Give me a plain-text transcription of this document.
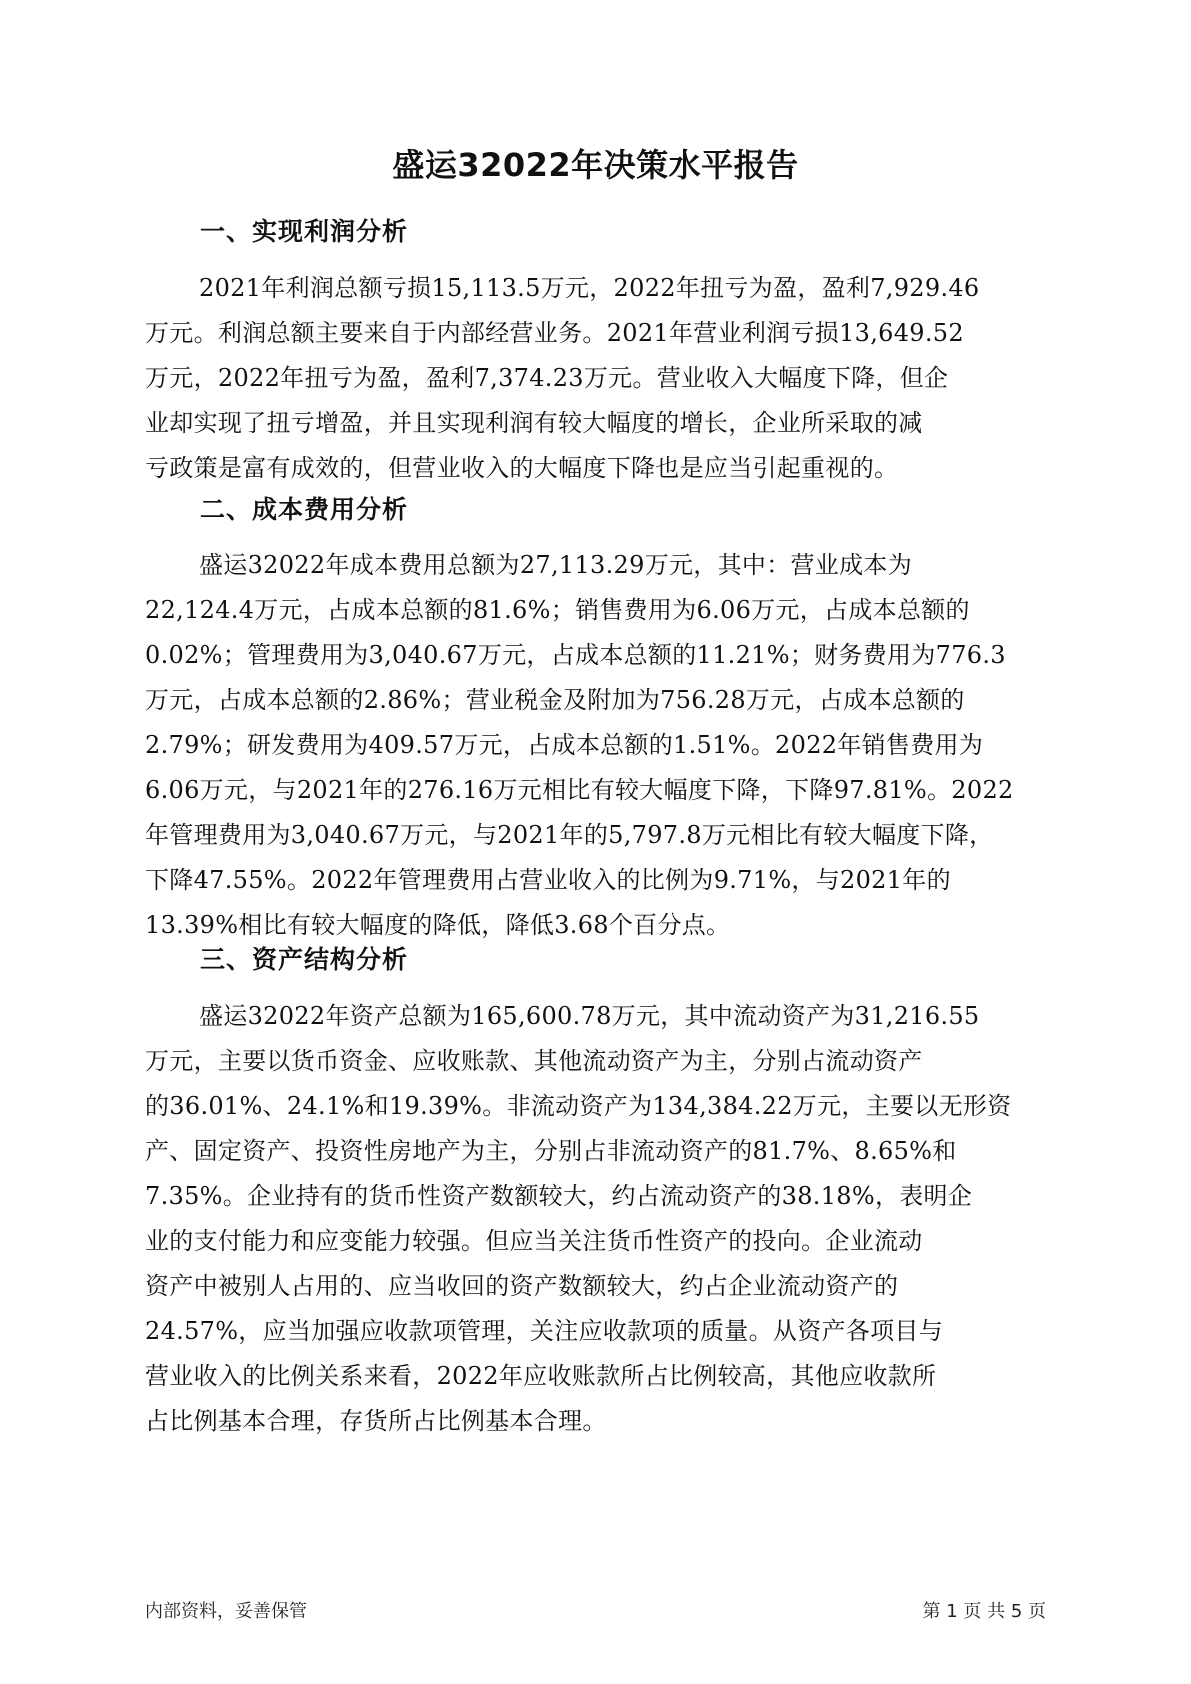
盛运32022年决策水平报告
一、实现利润分析
2021年利润总额亏损15,113.5万元，2022年扭亏为盈，盈利7,929.46
万元。利润总额主要来自于内部经营业务。2021年营业利润亏损13,649.52
万元，2022年扭亏为盈，盈利7,374.23万元。营业收入大幅度下降，但企
业却实现了扭亏增盈，并且实现利润有较大幅度的增长，企业所采取的减
亏政策是富有成效的，但营业收入的大幅度下降也是应当引起重视的。
二、成本费用分析
盛运32022年成本费用总额为27,113.29万元，其中：营业成本为
22,124.4万元，占成本总额的81.6%；销售费用为6.06万元，占成本总额的
0.02%；管理费用为3,040.67万元，占成本总额的11.21%；财务费用为776.3
万元，占成本总额的2.86%；营业税金及附加为756.28万元，占成本总额的
2.79%；研发费用为409.57万元，占成本总额的1.51%。2022年销售费用为
6.06万元，与2021年的276.16万元相比有较大幅度下降，下降97.81%。2022
年管理费用为3,040.67万元，与2021年的5,797.8万元相比有较大幅度下降，
下降47.55%。2022年管理费用占营业收入的比例为9.71%，与2021年的
13.39%相比有较大幅度的降低，降低3.68个百分点。
三、资产结构分析
盛运32022年资产总额为165,600.78万元，其中流动资产为31,216.55
万元，主要以货币资金、应收账款、其他流动资产为主，分别占流动资产
的36.01%、24.1%和19.39%。非流动资产为134,384.22万元，主要以无形资
产、固定资产、投资性房地产为主，分别占非流动资产的81.7%、8.65%和
7.35%。企业持有的货币性资产数额较大，约占流动资产的38.18%，表明企
业的支付能力和应变能力较强。但应当关注货币性资产的投向。企业流动
资产中被别人占用的、应当收回的资产数额较大，约占企业流动资产的
24.57%，应当加强应收款项管理，关注应收款项的质量。从资产各项目与
营业收入的比例关系来看，2022年应收账款所占比例较高，其他应收款所
占比例基本合理，存货所占比例基本合理。
内部资料，妥善保管	第 1 页 共 5 页
